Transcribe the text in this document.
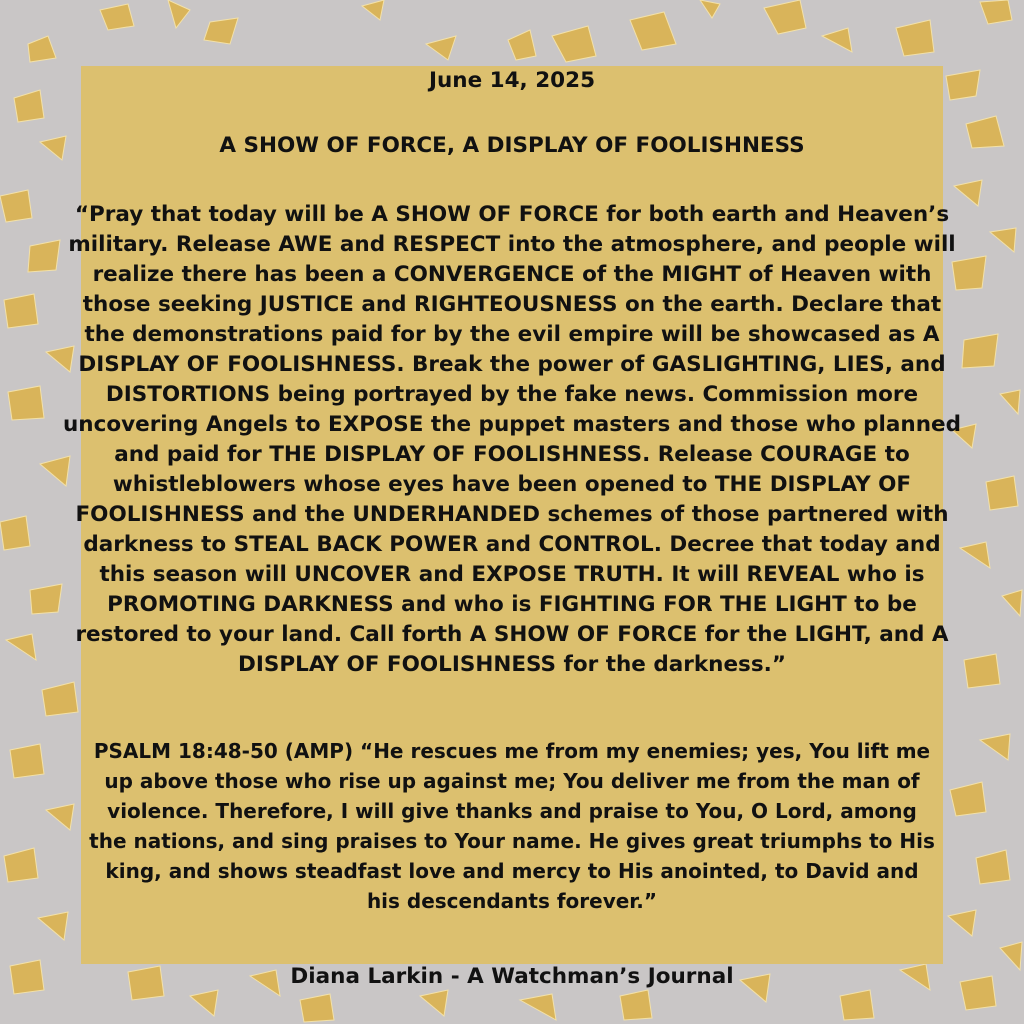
June 14, 2025
A SHOW OF FORCE, A DISPLAY OF FOOLISHNESS
“Pray that today will be A SHOW OF FORCE for both earth and Heaven’s
military. Release AWE and RESPECT into the atmosphere, and people will
realize there has been a CONVERGENCE of the MIGHT of Heaven with
those seeking JUSTICE and RIGHTEOUSNESS on the earth. Declare that
the demonstrations paid for by the evil empire will be showcased as A
DISPLAY OF FOOLISHNESS. Break the power of GASLIGHTING, LIES, and
DISTORTIONS being portrayed by the fake news. Commission more
uncovering Angels to EXPOSE the puppet masters and those who planned
and paid for THE DISPLAY OF FOOLISHNESS. Release COURAGE to
whistleblowers whose eyes have been opened to THE DISPLAY OF
FOOLISHNESS and the UNDERHANDED schemes of those partnered with
darkness to STEAL BACK POWER and CONTROL. Decree that today and
this season will UNCOVER and EXPOSE TRUTH. It will REVEAL who is
PROMOTING DARKNESS and who is FIGHTING FOR THE LIGHT to be
restored to your land. Call forth A SHOW OF FORCE for the LIGHT, and A
DISPLAY OF FOOLISHNESS for the darkness.”
PSALM 18:48-50 (AMP) “He rescues me from my enemies; yes, You lift me
up above those who rise up against me; You deliver me from the man of
violence. Therefore, I will give thanks and praise to You, O Lord, among
the nations, and sing praises to Your name. He gives great triumphs to His
king, and shows steadfast love and mercy to His anointed, to David and
his descendants forever.”
Diana Larkin - A Watchman’s Journal
